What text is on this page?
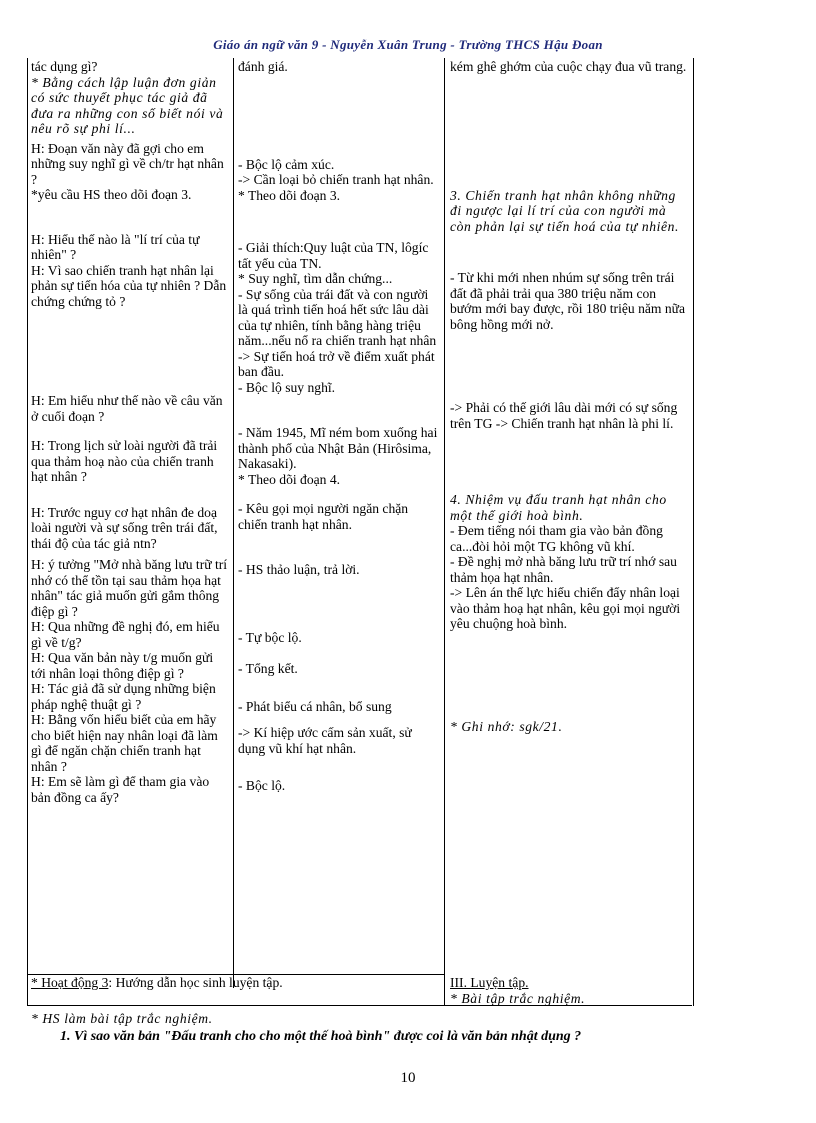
Giáo án ngữ văn 9 - Nguyễn Xuân Trung - Trường THCS Hậu Đoan

tác dụng gì?

* Bằng cách lập luận đơn giản có sức thuyết phục tác giả đã đưa ra những con số biết nói và nêu rõ sự phi lí...

H: Đoạn văn này đã gợi cho em những suy nghĩ gì về ch/tr hạt nhân ?

*yêu cầu HS theo dõi đoạn 3.

H: Hiểu thế nào là "lí trí của tự nhiên" ?

H: Vì sao chiến tranh hạt nhân lại phản sự tiến hóa của tự nhiên ? Dẫn chứng chứng tỏ ?

H: Em hiểu như thế nào về câu văn ở cuối đoạn ?

H: Trong lịch sử loài người đã trải qua thảm hoạ nào của chiến tranh hạt nhân ?

H: Trước nguy cơ hạt nhân đe doạ loài người và sự sống trên trái đất, thái độ của tác giả ntn?

H: ý tưởng "Mở nhà băng lưu trữ trí nhớ có thể tồn tại sau thảm họa hạt nhân" tác giả muốn gửi gắm thông điệp gì ?

H: Qua những đề nghị đó, em hiểu gì về t/g?

H: Qua văn bản này t/g muốn gửi tới nhân loại thông điệp gì ?

H: Tác giả đã sử dụng những biện pháp nghệ thuật gì ?

H: Bằng vốn hiểu biết của em hãy cho biết hiện nay nhân loại đã làm gì để ngăn chặn chiến tranh hạt nhân ?

H: Em sẽ làm gì để tham gia vào bản đồng ca ấy?

đánh giá.

- Bộc lộ cảm xúc.

-> Cần loại bỏ chiến tranh hạt nhân.

* Theo dõi đoạn 3.

- Giải thích:Quy luật của TN, lôgíc tất yếu của TN.

* Suy nghĩ, tìm dẫn chứng...

- Sự sống của trái đất và con người là quá trình tiến hoá hết sức lâu dài của tự nhiên, tính bằng hàng triệu năm...nếu nổ ra chiến tranh hạt nhân -> Sự tiến hoá trở về điểm xuất phát ban đầu.

- Bộc lộ suy nghĩ.

- Năm 1945, Mĩ ném bom xuống hai thành phố của Nhật Bản (Hirôsima, Nakasaki).

* Theo dõi đoạn 4.

- Kêu gọi mọi người ngăn chặn chiến tranh hạt nhân.

- HS thảo luận, trả lời.

- Tự bộc lộ.

- Tổng kết.

- Phát biểu cá nhân, bổ sung

-> Kí hiệp ước cấm sản xuất, sử dụng vũ khí hạt nhân.

- Bộc lộ.

kém ghê ghớm của cuộc chạy đua vũ trang.

3. Chiến tranh hạt nhân không những đi ngược lại lí trí của con người mà còn phản lại sự tiến hoá của tự nhiên.

- Từ khi mới nhen nhúm sự sống trên trái đất đã phải trải qua 380 triệu năm con bướm mới bay được, rồi 180 triệu năm nữa bông hồng mới nở.

-> Phải có thế giới lâu dài mới có sự sống trên TG -> Chiến tranh hạt nhân là phi lí.

4. Nhiệm vụ đấu tranh hạt nhân cho một thế giới hoà bình.

- Đem tiếng nói tham gia vào bản đồng ca...đòi hỏi một TG không vũ khí.

- Đề nghị mở nhà băng lưu trữ trí nhớ sau thảm họa hạt nhân.

-> Lên án thế lực hiếu chiến đẩy nhân loại vào thảm hoạ hạt nhân, kêu gọi mọi người yêu chuộng hoà bình.

* Ghi nhớ: sgk/21.

* Hoạt động 3: Hướng dẫn học sinh luyện tập.	III. Luyện tập.

* Bài tập trắc nghiệm.

* HS làm bài tập trắc nghiệm.
1. Vì sao văn bản "Đấu tranh cho cho một thế hoà bình" được coi là văn bản nhật dụng ?
10
